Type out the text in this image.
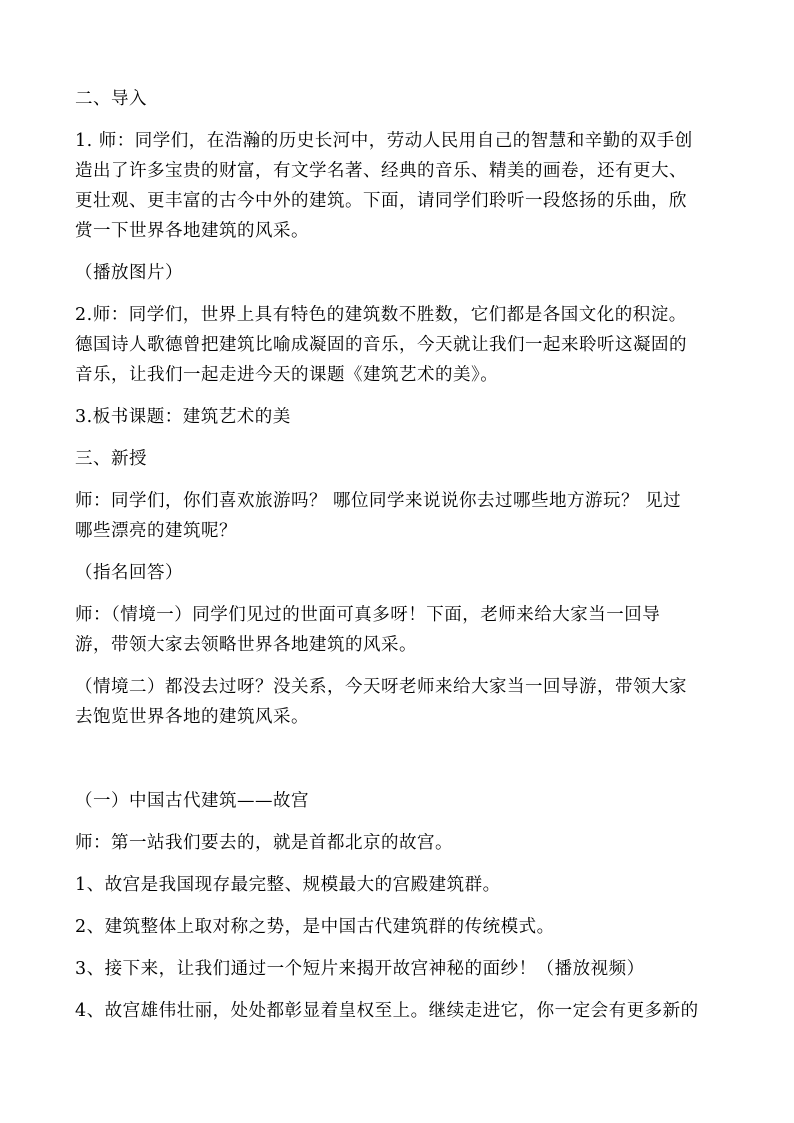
二、导入
1. 师：同学们，在浩瀚的历史长河中，劳动人民用自己的智慧和辛勤的双手创
造出了许多宝贵的财富，有文学名著、经典的音乐、精美的画卷，还有更大、
更壮观、更丰富的古今中外的建筑。下面，请同学们聆听一段悠扬的乐曲，欣
赏一下世界各地建筑的风采。
（播放图片）
2.师：同学们，世界上具有特色的建筑数不胜数，它们都是各国文化的积淀。
德国诗人歌德曾把建筑比喻成凝固的音乐，今天就让我们一起来聆听这凝固的
音乐，让我们一起走进今天的课题《建筑艺术的美》。
3.板书课题：建筑艺术的美
三、新授
师：同学们，你们喜欢旅游吗？ 哪位同学来说说你去过哪些地方游玩？ 见过
哪些漂亮的建筑呢？
（指名回答）
师：（情境一）同学们见过的世面可真多呀！下面，老师来给大家当一回导
游，带领大家去领略世界各地建筑的风采。
（情境二）都没去过呀？没关系，今天呀老师来给大家当一回导游，带领大家
去饱览世界各地的建筑风采。
（一）中国古代建筑——故宫
师：第一站我们要去的，就是首都北京的故宫。
1、故宫是我国现存最完整、规模最大的宫殿建筑群。
2、建筑整体上取对称之势，是中国古代建筑群的传统模式。
3、接下来，让我们通过一个短片来揭开故宫神秘的面纱！（播放视频）
4、故宫雄伟壮丽，处处都彰显着皇权至上。继续走进它，你一定会有更多新的
